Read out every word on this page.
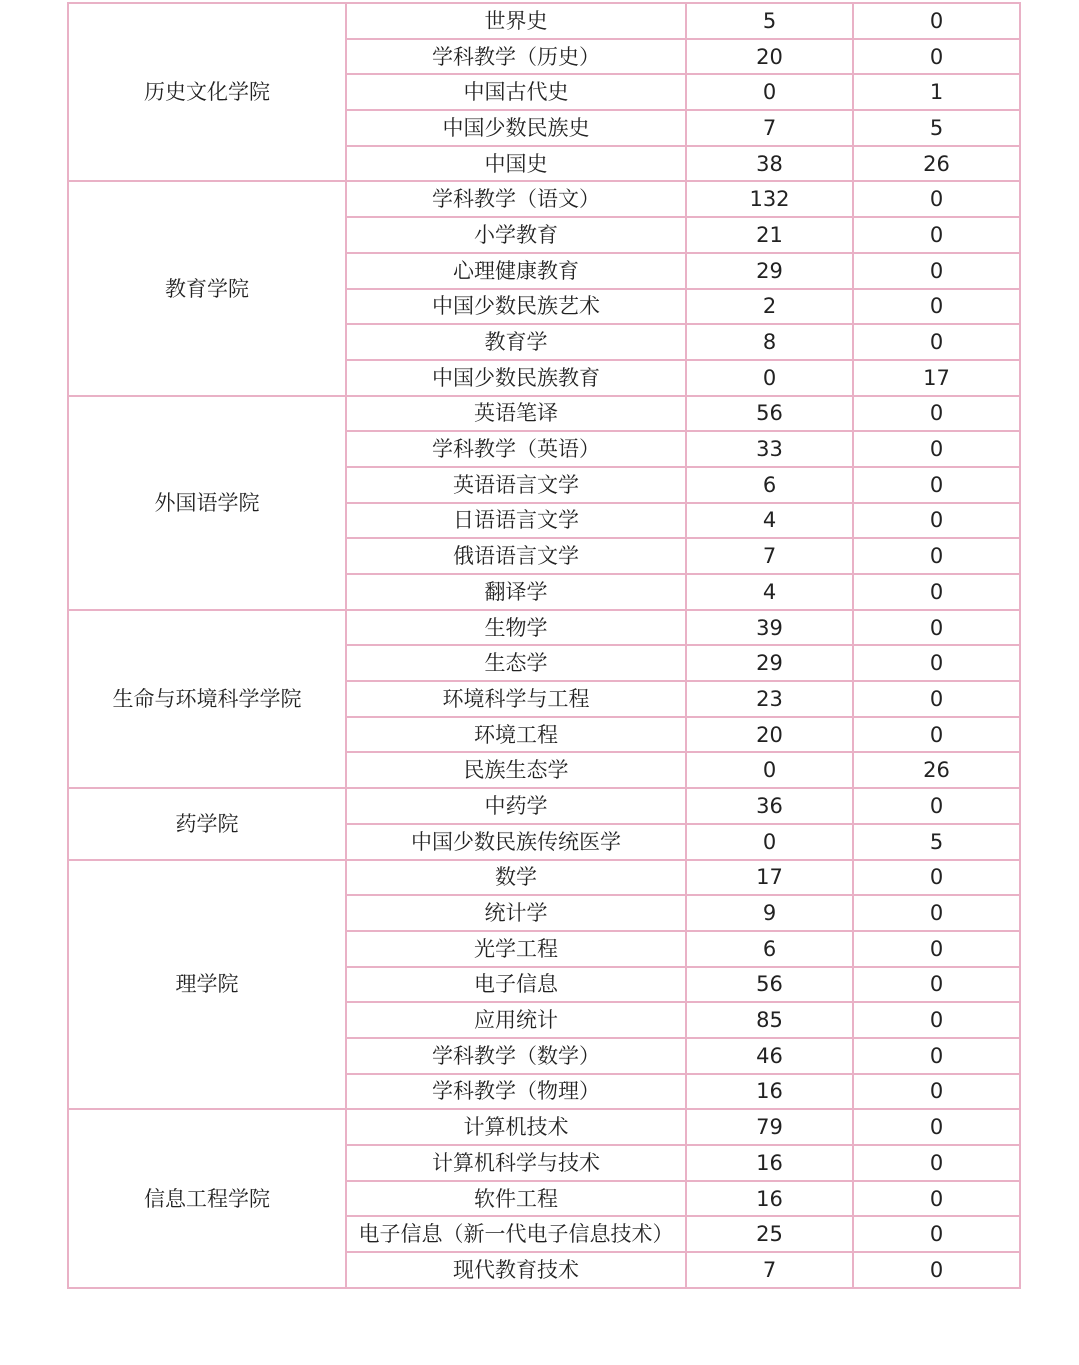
历史文化学院	世界史	5	0
	学科教学（历史）	20	0
	中国古代史	0	1
	中国少数民族史	7	5
	中国史	38	26
教育学院	学科教学（语文）	132	0
	小学教育	21	0
	心理健康教育	29	0
	中国少数民族艺术	2	0
	教育学	8	0
	中国少数民族教育	0	17
外国语学院	英语笔译	56	0
	学科教学（英语）	33	0
	英语语言文学	6	0
	日语语言文学	4	0
	俄语语言文学	7	0
	翻译学	4	0
生命与环境科学学院	生物学	39	0
	生态学	29	0
	环境科学与工程	23	0
	环境工程	20	0
	民族生态学	0	26
药学院	中药学	36	0
	中国少数民族传统医学	0	5
理学院	数学	17	0
	统计学	9	0
	光学工程	6	0
	电子信息	56	0
	应用统计	85	0
	学科教学（数学）	46	0
	学科教学（物理）	16	0
信息工程学院	计算机技术	79	0
	计算机科学与技术	16	0
	软件工程	16	0
	电子信息（新一代电子信息技术）	25	0
	现代教育技术	7	0
